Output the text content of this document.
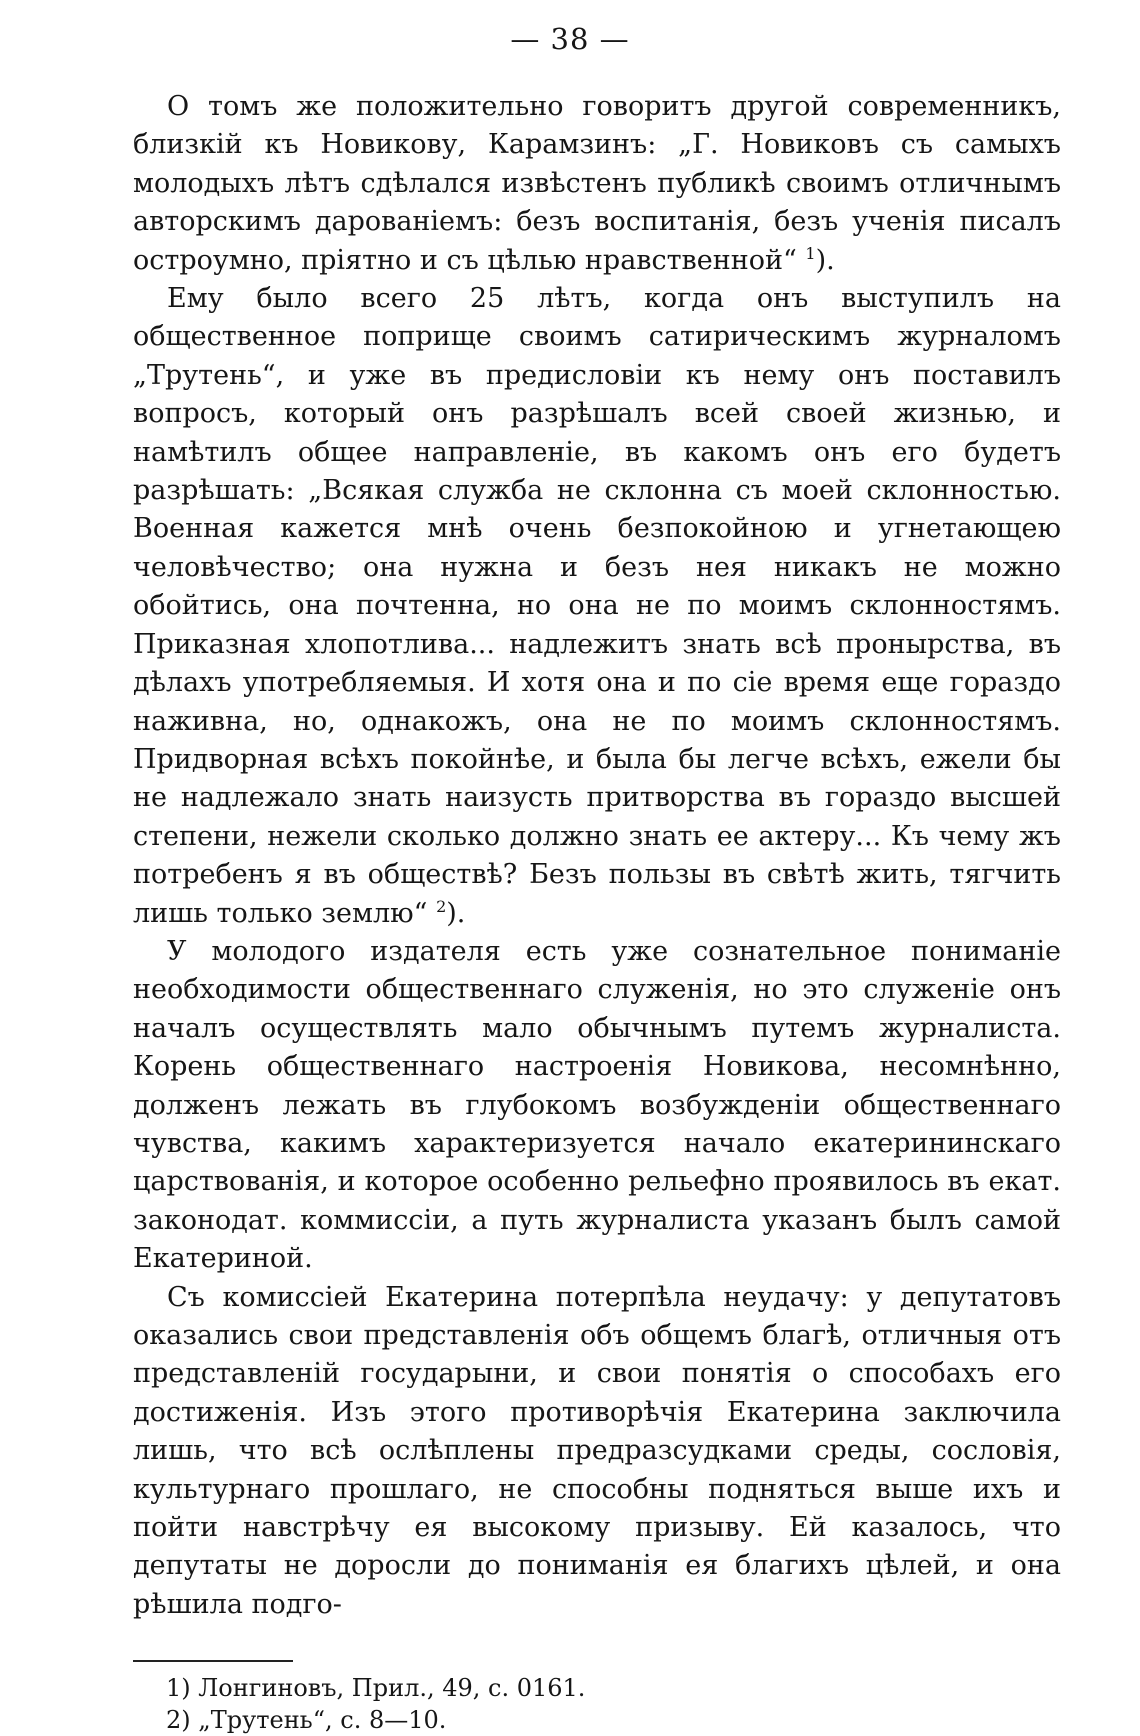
— 38 —

О томъ же положительно говоритъ другой современникъ, близкій къ Новикову, Карамзинъ: „Г. Новиковъ съ самыхъ молодыхъ лѣтъ сдѣлался извѣстенъ публикѣ своимъ отличнымъ авторскимъ дарованіемъ: безъ воспитанія, безъ ученія писалъ остроумно, пріятно и съ цѣлью нравственной“ $^1$).

Ему было всего 25 лѣтъ, когда онъ выступилъ на общественное поприще своимъ сатирическимъ журналомъ „Трутень“, и уже въ предисловіи къ нему онъ поставилъ вопросъ, который онъ разрѣшалъ всей своей жизнью, и намѣтилъ общее направленіе, въ какомъ онъ его будетъ разрѣшать: „Всякая служба не склонна съ моей склонностью. Военная кажется мнѣ очень безпокойною и угнетающею человѣчество; она нужна и безъ нея никакъ не можно обойтись, она почтенна, но она не по моимъ склонностямъ. Приказная хлопотлива... надлежитъ знать всѣ пронырства, въ дѣлахъ употребляемыя. И хотя она и по сіе время еще гораздо наживна, но, однакожъ, она не по моимъ склонностямъ. Придворная всѣхъ покойнѣе, и была бы легче всѣхъ, ежели бы не надлежало знать наизусть притворства въ гораздо высшей степени, нежели сколько должно знать ее актеру... Къ чему жъ потребенъ я въ обществѣ? Безъ пользы въ свѣтѣ жить, тягчить лишь только землю“ $^2$).

У молодого издателя есть уже сознательное пониманіе необходимости общественнаго служенія, но это служеніе онъ началъ осуществлять мало обычнымъ путемъ журналиста. Корень общественнаго настроенія Новикова, несомнѣнно, долженъ лежать въ глубокомъ возбужденіи общественнаго чувства, какимъ характеризуется начало екатерининскаго царствованія, и которое особенно рельефно проявилось въ екат. законодат. коммиссіи, а путь журналиста указанъ былъ самой Екатериной.

Съ комиссіей Екатерина потерпѣла неудачу: у депутатовъ оказались свои представленія объ общемъ благѣ, отличныя отъ представленій государыни, и свои понятія о способахъ его достиженія. Изъ этого противорѣчія Екатерина заключила лишь, что всѣ ослѣплены предразсудками среды, сословія, культурнаго прошлаго, не способны подняться выше ихъ и пойти навстрѣчу ея высокому призыву. Ей казалось, что депутаты не доросли до пониманія ея благихъ цѣлей, и она рѣшила подго-

1) Лонгиновъ, Прил., 49, с. 0161.
2) „Трутень“, с. 8—10.
